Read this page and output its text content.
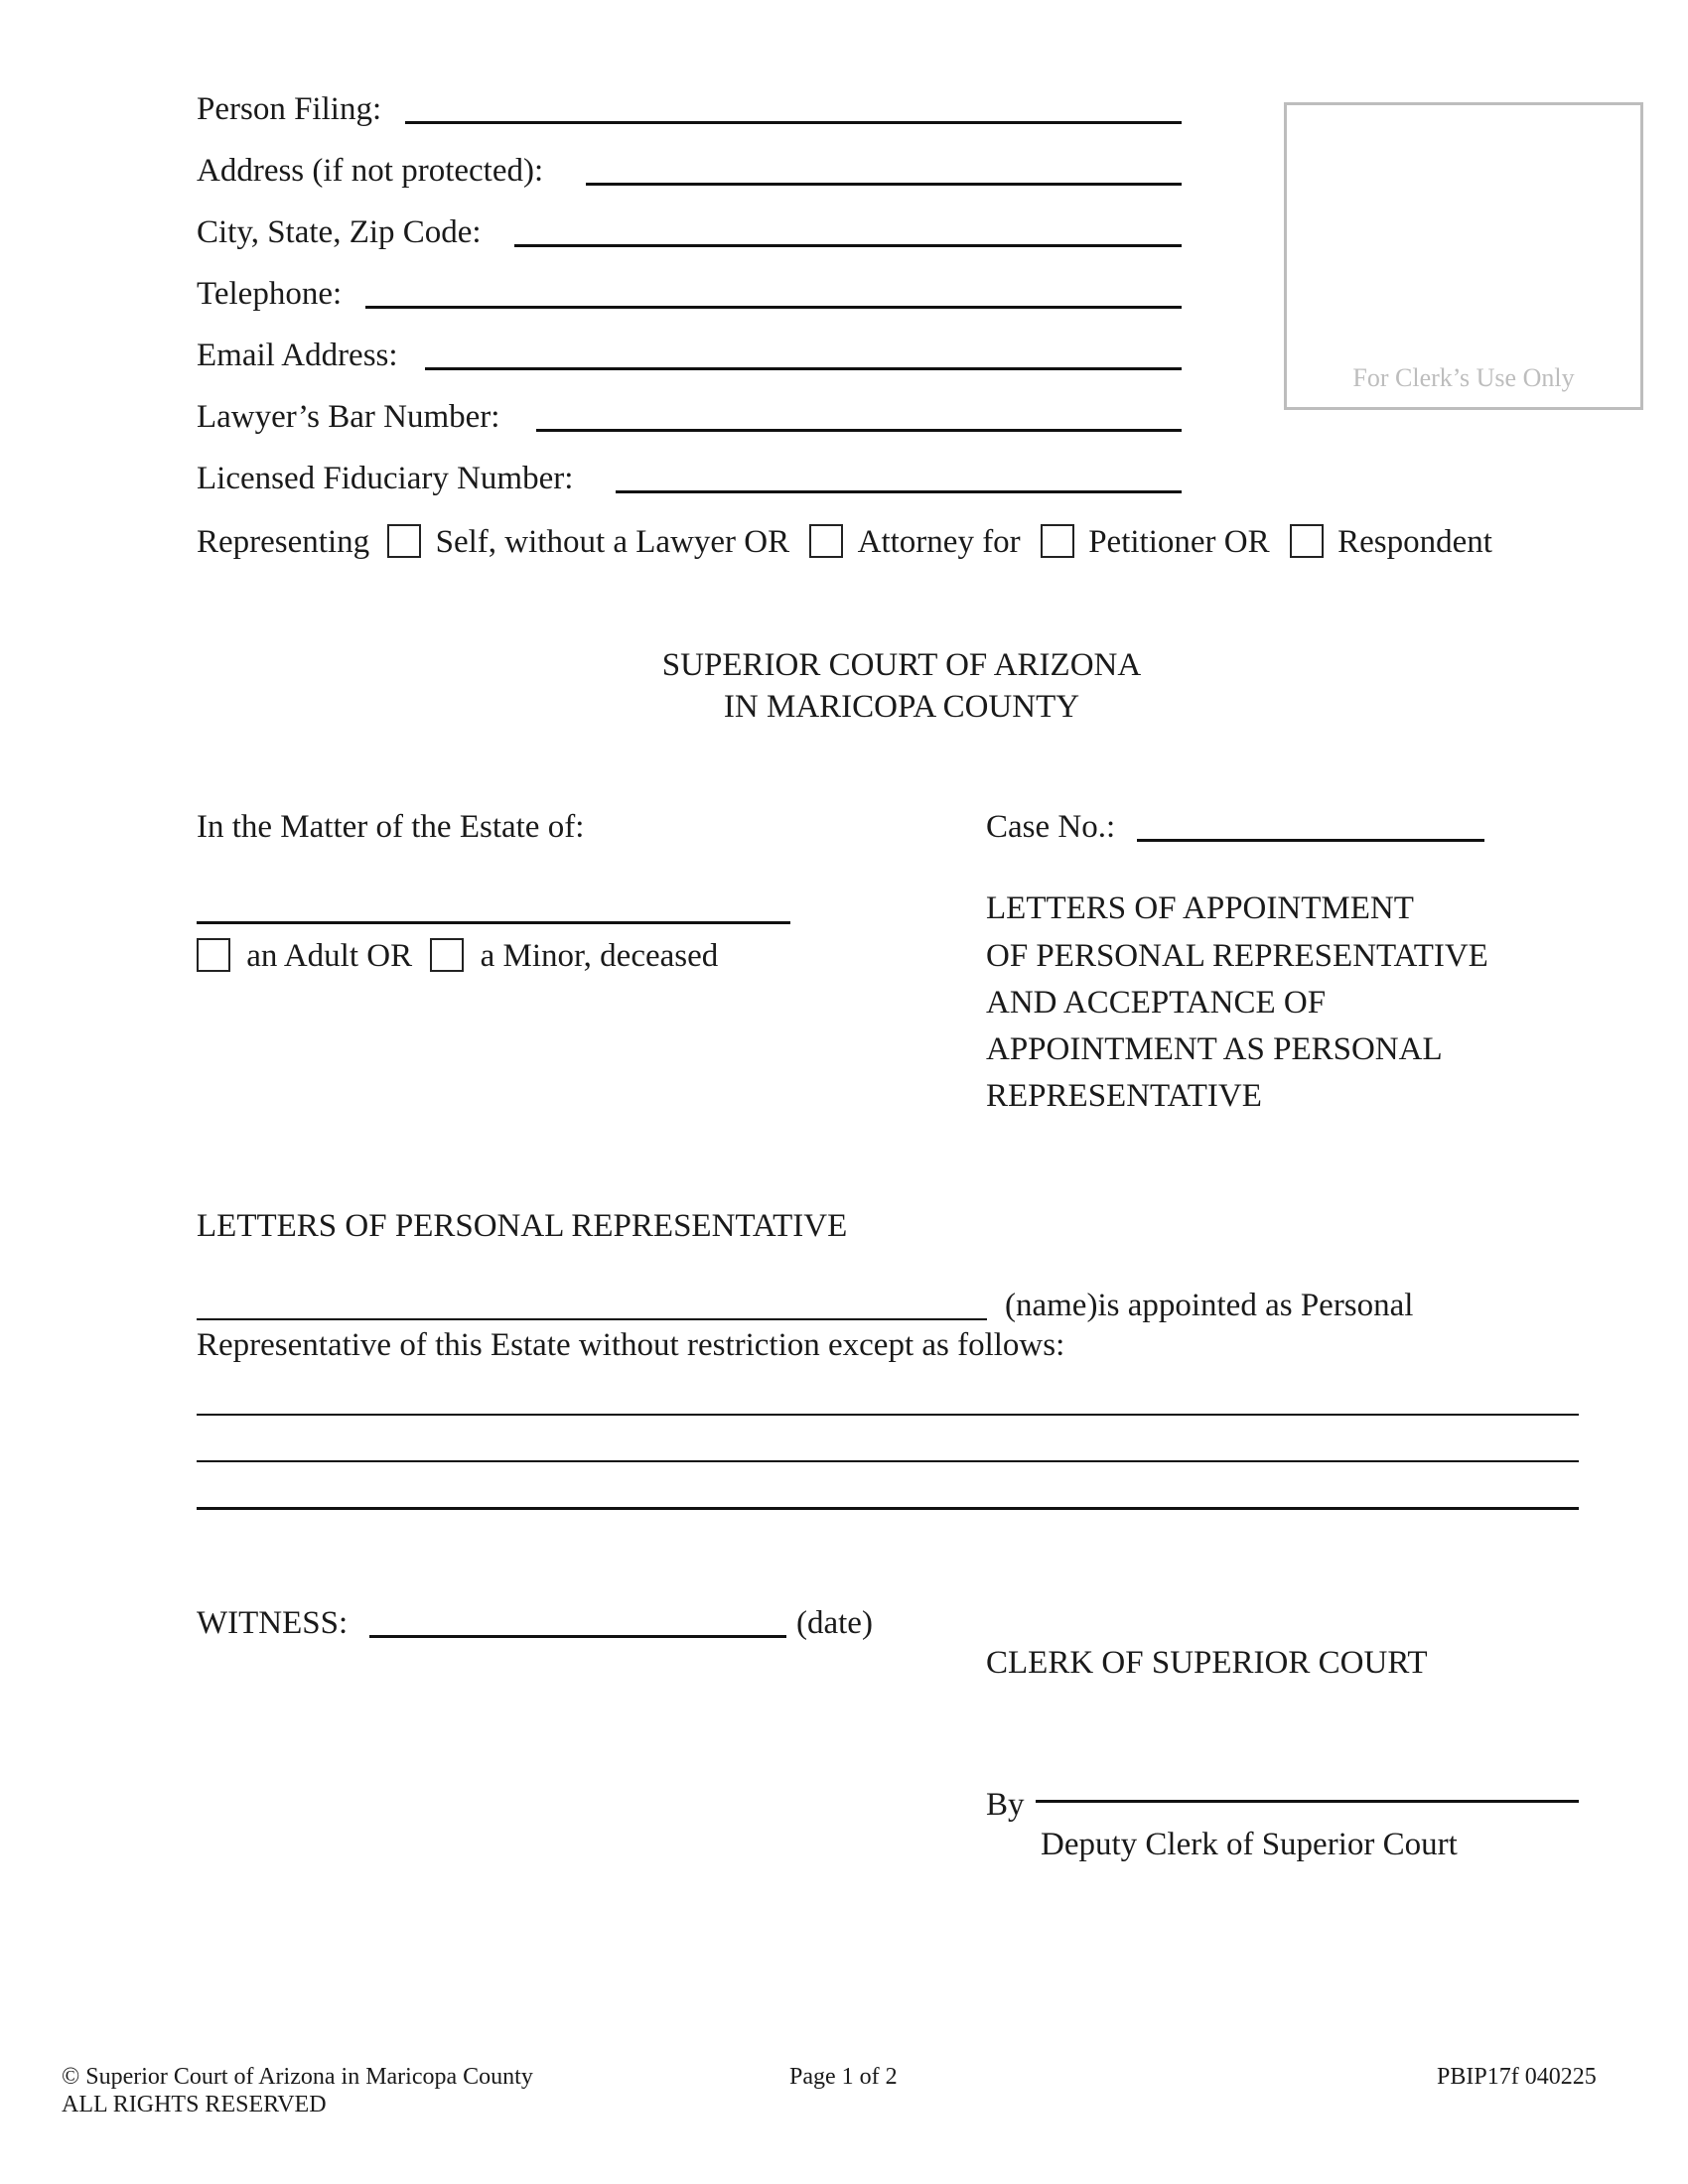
Person Filing:
Address (if not protected):
City, State, Zip Code:
Telephone:
Email Address:
Lawyer’s Bar Number:
Licensed Fiduciary Number:
For Clerk’s Use Only
Representing Self, without a Lawyer OR Attorney for Petitioner OR Respondent
SUPERIOR COURT OF ARIZONA
IN MARICOPA COUNTY
In the Matter of the Estate of:
an Adult OR a Minor, deceased
Case No.:
LETTERS OF APPOINTMENT
OF PERSONAL REPRESENTATIVE
AND ACCEPTANCE OF
APPOINTMENT AS PERSONAL
REPRESENTATIVE
LETTERS OF PERSONAL REPRESENTATIVE
(name)is appointed as Personal
Representative of this Estate without restriction except as follows:
WITNESS:	(date)
CLERK OF SUPERIOR COURT
By
Deputy Clerk of Superior Court
© Superior Court of Arizona in Maricopa County
ALL RIGHTS RESERVED
Page 1 of 2	PBIP17f 040225
